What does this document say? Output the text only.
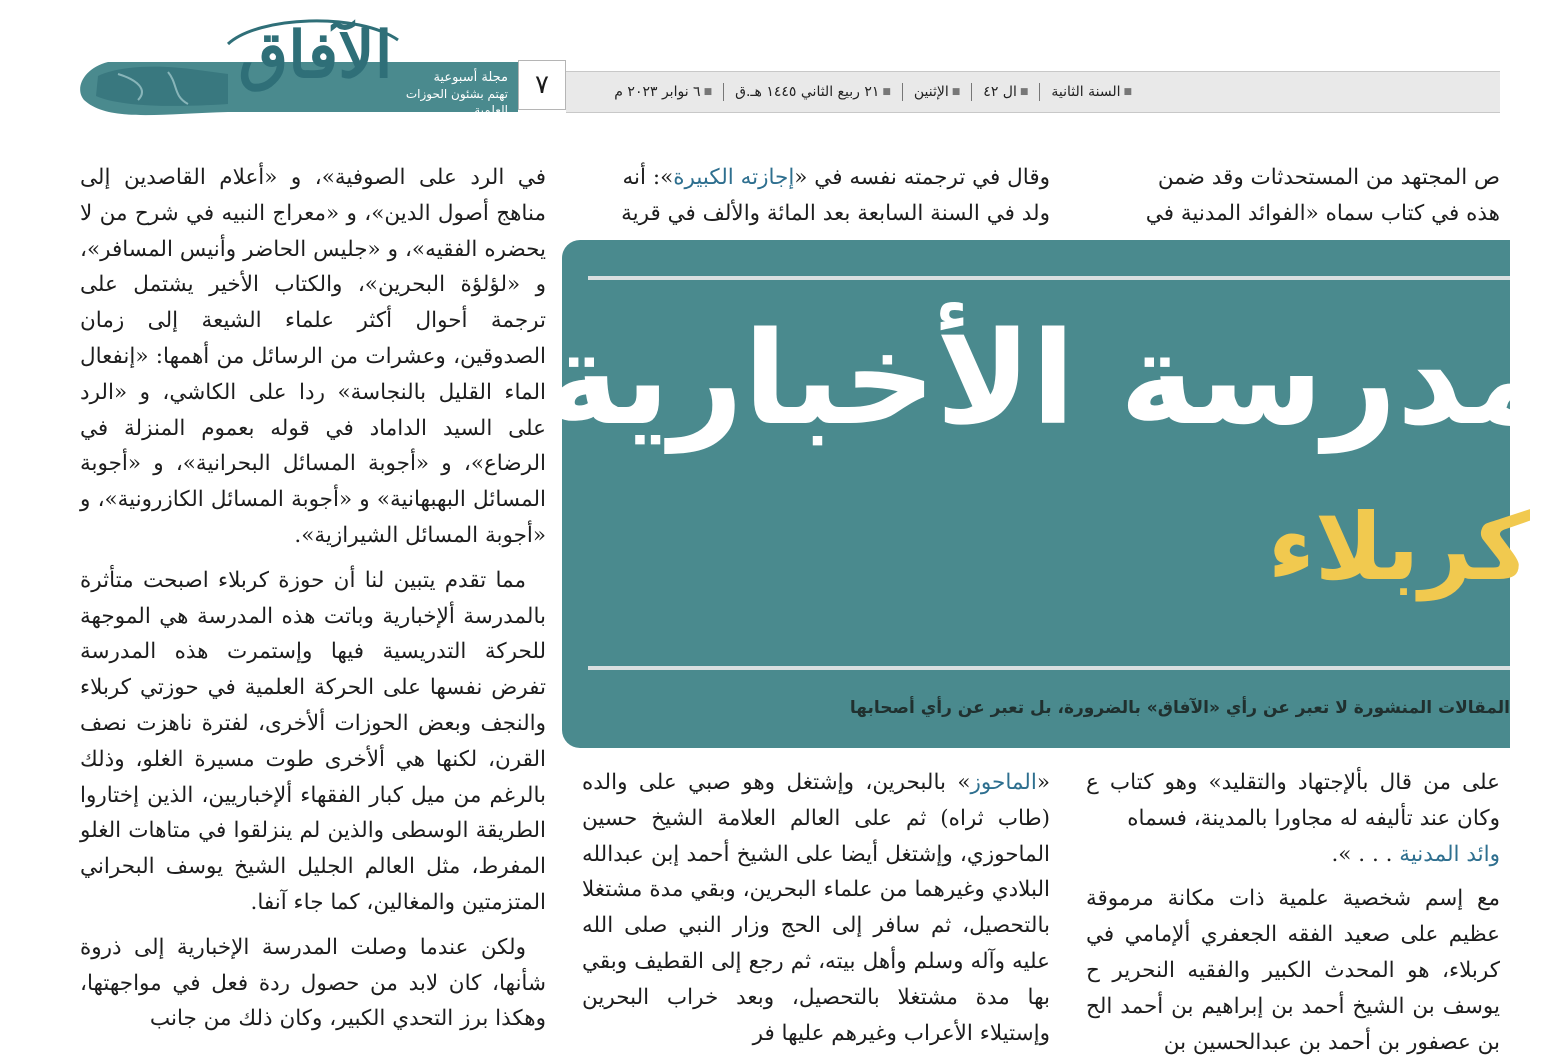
الآفاق	مجلة أسبوعية
تهتم بشئون الحوزات العلمية
٧	■
السنة الثانية
■
ال ٤٢
■
الإثنين
■
٢١ ربيع الثاني ١٤٤٥ هـ.ق
■
٦ نوابر ٢٠٢٣ م

في الرد على الصوفية»، و «أعلام القاصدين إلى مناهج أصول الدين»، و «معراج النبيه في شرح من لا يحضره الفقيه»، و «جليس الحاضر وأنيس المسافر»، و «لؤلؤة البحرين»، والكتاب الأخير يشتمل على ترجمة أحوال أكثر علماء الشيعة إلى زمان الصدوقين، وعشرات من الرسائل من أهمها: «إنفعال الماء القليل بالنجاسة» ردا على الكاشي، و «الرد على السيد الداماد في قوله بعموم المنزلة في الرضاع»، و «أجوبة المسائل البحرانية»، و «أجوبة المسائل البهبهانية» و «أجوبة المسائل الكازرونية»، و «أجوبة المسائل الشيرازية».

مما تقدم يتبين لنا أن حوزة كربلاء اصبحت متأثرة بالمدرسة ألإخبارية وباتت هذه المدرسة هي الموجهة للحركة التدريسية فيها وإستمرت هذه المدرسة تفرض نفسها على الحركة العلمية في حوزتي كربلاء والنجف وبعض الحوزات ألأخرى، لفترة ناهزت نصف القرن، لكنها هي ألأخرى طوت مسيرة الغلو، وذلك بالرغم من ميل كبار الفقهاء ألإخباريين، الذين إختاروا الطريقة الوسطى والذين لم ينزلقوا في متاهات الغلو المفرط، مثل العالم الجليل الشيخ يوسف البحراني المتزمتين والمغالين، كما جاء آنفا.

ولكن عندما وصلت المدرسة الإخبارية إلى ذروة شأنها، كان لابد من حصول ردة فعل في مواجهتها، وهكذا برز التحدي الكبير، وكان ذلك من جانب

وقال في ترجمته نفسه في «إجازته الكبيرة»: أنه

ولد في السنة السابعة بعد المائة والألف في قرية

ص المجتهد من المستحدثات وقد ضمن

هذه في كتاب سماه «الفوائد المدنية في

مدرسة الأخبارية
كربلاء
المقالات المنشورة لا تعبر عن رأي «الآفاق» بالضرورة، بل تعبر عن رأي أصحابها

«الماحوز» بالبحرين، وإشتغل وهو صبي على والده (طاب ثراه) ثم على العالم العلامة الشيخ حسين الماحوزي، وإشتغل أيضا على الشيخ أحمد إبن عبدالله البلادي وغيرهما من علماء البحرين، وبقي مدة مشتغلا بالتحصيل، ثم سافر إلى الحج وزار النبي صلى الله عليه وآله وسلم وأهل بيته، ثم رجع إلى القطيف وبقي بها مدة مشتغلا بالتحصيل، وبعد خراب البحرين وإستيلاء الأعراب وغيرهم عليها فر

على من قال بألإجتهاد والتقليد» وهو كتاب ع وكان عند تأليفه له مجاورا بالمدينة، فسماه

وائد المدنية . . . ».

مع إسم شخصية علمية ذات مكانة مرموقة عظيم على صعيد الفقه الجعفري ألإمامي في كربلاء، هو المحدث الكبير والفقيه النحرير ح يوسف بن الشيخ أحمد بن إبراهيم بن أحمد الح بن عصفور بن أحمد بن عبدالحسين بن
